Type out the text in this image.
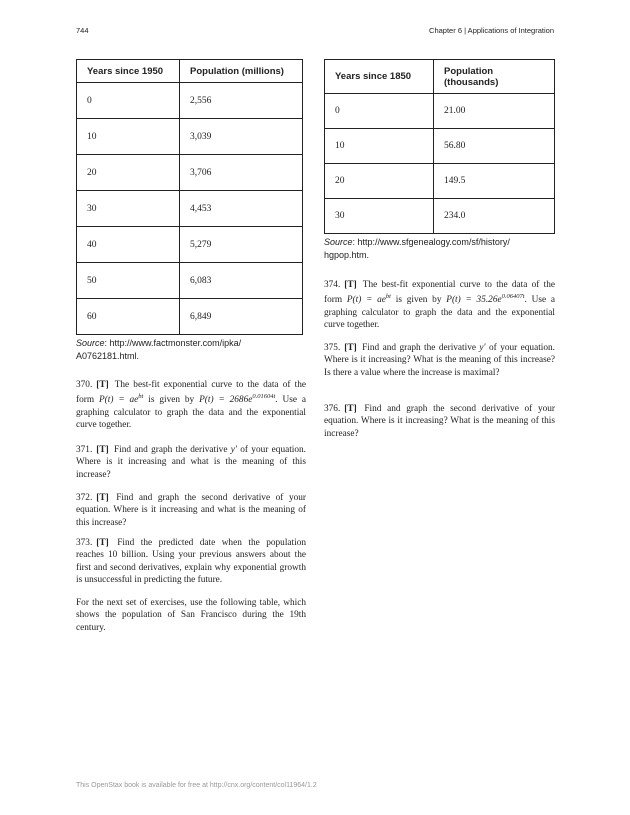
744	Chapter 6 | Applications of Integration
Years since 1950	Population (millions)
0	2,556
10	3,039
20	3,706
30	4,453
40	5,279
50	6,083
60	6,849
Source: http://www.factmonster.com/ipka/ A0762181.html.
Years since 1850	Population (thousands)
0	21.00
10	56.80
20	149.5
30	234.0
Source: http://www.sfgenealogy.com/sf/history/ hgpop.htm.
370. [T] The best-fit exponential curve to the data of the form $P(t) = ae^{bt}$ is given by $P(t) = 2686e^{0.01604t}$. Use a graphing calculator to graph the data and the exponential curve together.
371. [T] Find and graph the derivative y′ of your equation. Where is it increasing and what is the meaning of this increase?
372. [T] Find and graph the second derivative of your equation. Where is it increasing and what is the meaning of this increase?
373. [T] Find the predicted date when the population reaches 10 billion. Using your previous answers about the first and second derivatives, explain why exponential growth is unsuccessful in predicting the future.
For the next set of exercises, use the following table, which shows the population of San Francisco during the 19th century.
374. [T] The best-fit exponential curve to the data of the form $P(t) = ae^{bt}$ is given by $P(t) = 35.26e^{0.06407t}$. Use a graphing calculator to graph the data and the exponential curve together.
375. [T] Find and graph the derivative y′ of your equation. Where is it increasing? What is the meaning of this increase? Is there a value where the increase is maximal?
376. [T] Find and graph the second derivative of your equation. Where is it increasing? What is the meaning of this increase?
This OpenStax book is available for free at http://cnx.org/content/col11964/1.2
